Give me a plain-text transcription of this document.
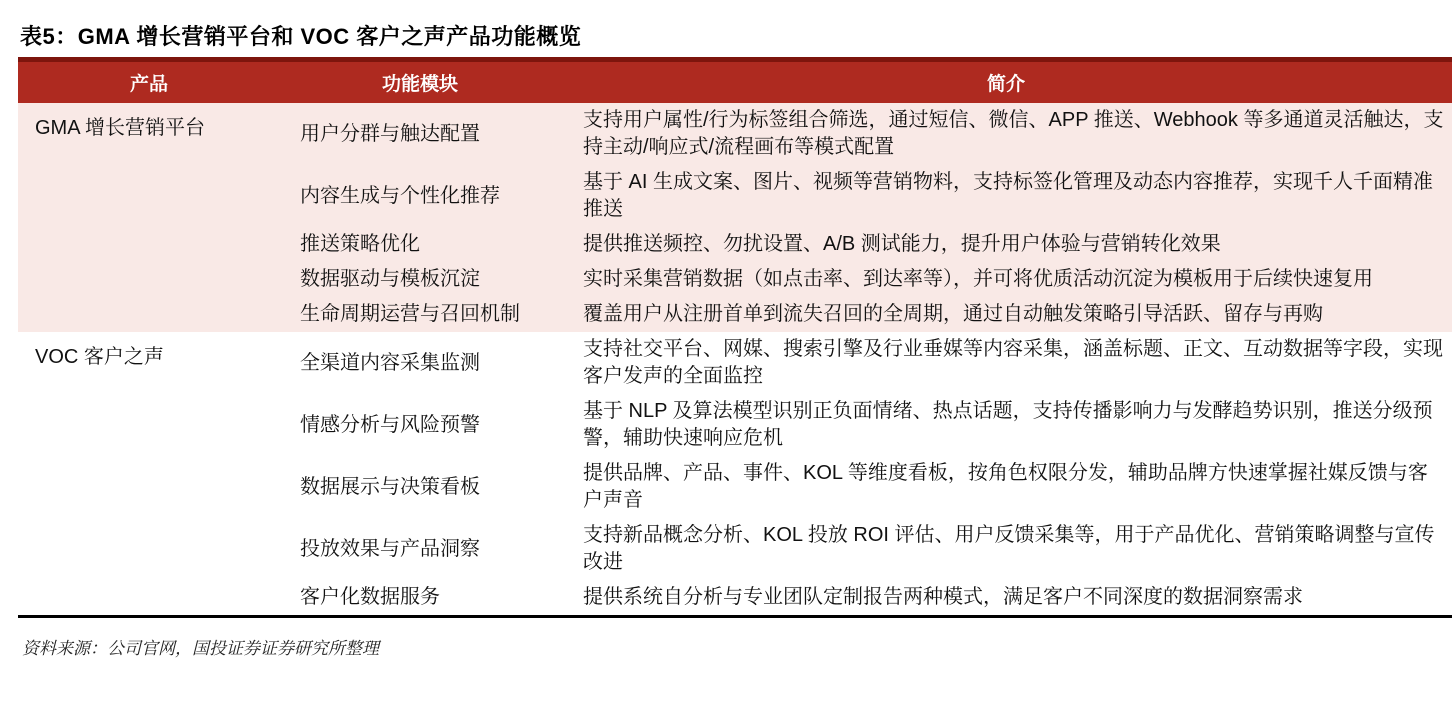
表5：GMA 增长营销平台和 VOC 客户之声产品功能概览
产品	功能模块	简介
GMA 增长营销平台	用户分群与触达配置	支持用户属性/行为标签组合筛选，通过短信、微信、APP 推送、Webhook 等多通道灵活触达，支持主动/响应式/流程画布等模式配置
	内容生成与个性化推荐	基于 AI 生成文案、图片、视频等营销物料，支持标签化管理及动态内容推荐，实现千人千面精准推送
	推送策略优化	提供推送频控、勿扰设置、A/B 测试能力，提升用户体验与营销转化效果
	数据驱动与模板沉淀	实时采集营销数据（如点击率、到达率等），并可将优质活动沉淀为模板用于后续快速复用
	生命周期运营与召回机制	覆盖用户从注册首单到流失召回的全周期，通过自动触发策略引导活跃、留存与再购
VOC 客户之声	全渠道内容采集监测	支持社交平台、网媒、搜索引擎及行业垂媒等内容采集，涵盖标题、正文、互动数据等字段，实现客户发声的全面监控
	情感分析与风险预警	基于 NLP 及算法模型识别正负面情绪、热点话题，支持传播影响力与发酵趋势识别，推送分级预警，辅助快速响应危机
	数据展示与决策看板	提供品牌、产品、事件、KOL 等维度看板，按角色权限分发，辅助品牌方快速掌握社媒反馈与客户声音
	投放效果与产品洞察	支持新品概念分析、KOL 投放 ROI 评估、用户反馈采集等，用于产品优化、营销策略调整与宣传改进
	客户化数据服务	提供系统自分析与专业团队定制报告两种模式，满足客户不同深度的数据洞察需求
资料来源：公司官网，国投证券证券研究所整理
